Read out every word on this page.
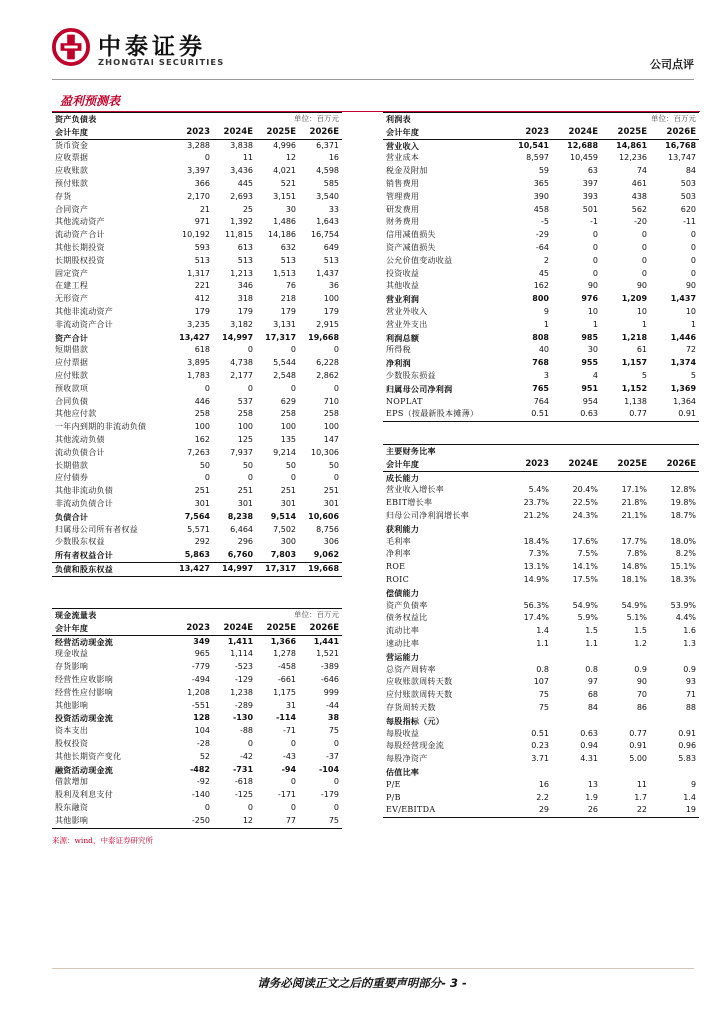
中泰证券
ZHONGTAI SECURITIES	公司点评
盈利预测表
资产负债表			单位：百万元	
会计年度	2023	2024E	2025E	2026E
货币资金	3,288	3,838	4,996	6,371
应收票据	0	11	12	16
应收账款	3,397	3,436	4,021	4,598
预付账款	366	445	521	585
存货	2,170	2,693	3,151	3,540
合同资产	21	25	30	33
其他流动资产	971	1,392	1,486	1,643
流动资产合计	10,192	11,815	14,186	16,754
其他长期投资	593	613	632	649
长期股权投资	513	513	513	513
固定资产	1,317	1,213	1,513	1,437
在建工程	221	346	76	36
无形资产	412	318	218	100
其他非流动资产	179	179	179	179
非流动资产合计	3,235	3,182	3,131	2,915
资产合计	13,427	14,997	17,317	19,668
短期借款	618	0	0	0
应付票据	3,895	4,738	5,544	6,228
应付账款	1,783	2,177	2,548	2,862
预收款项	0	0	0	0
合同负债	446	537	629	710
其他应付款	258	258	258	258
一年内到期的非流动负债	100	100	100	100
其他流动负债	162	125	135	147
流动负债合计	7,263	7,937	9,214	10,306
长期借款	50	50	50	50
应付债券	0	0	0	0
其他非流动负债	251	251	251	251
非流动负债合计	301	301	301	301
负债合计	7,564	8,238	9,514	10,606
归属母公司所有者权益	5,571	6,464	7,502	8,756
少数股东权益	292	296	300	306
所有者权益合计	5,863	6,760	7,803	9,062
负债和股东权益	13,427	14,997	17,317	19,668
现金流量表			单位：百万元	
会计年度	2023	2024E	2025E	2026E
经营活动现金流	349	1,411	1,366	1,441
现金收益	965	1,114	1,278	1,521
存货影响	-779	-523	-458	-389
经营性应收影响	-494	-129	-661	-646
经营性应付影响	1,208	1,238	1,175	999
其他影响	-551	-289	31	-44
投资活动现金流	128	-130	-114	38
资本支出	104	-88	-71	75
股权投资	-28	0	0	0
其他长期资产变化	52	-42	-43	-37
融资活动现金流	-482	-731	-94	-104
借款增加	-92	-618	0	0
股利及利息支付	-140	-125	-171	-179
股东融资	0	0	0	0
其他影响	-250	12	77	75
利润表			单位：百万元	
会计年度	2023	2024E	2025E	2026E
营业收入	10,541	12,688	14,861	16,768
营业成本	8,597	10,459	12,236	13,747
税金及附加	59	63	74	84
销售费用	365	397	461	503
管理费用	390	393	438	503
研发费用	458	501	562	620
财务费用	-5	-1	-20	-11
信用减值损失	-29	0	0	0
资产减值损失	-64	0	0	0
公允价值变动收益	2	0	0	0
投资收益	45	0	0	0
其他收益	162	90	90	90
营业利润	800	976	1,209	1,437
营业外收入	9	10	10	10
营业外支出	1	1	1	1
利润总额	808	985	1,218	1,446
所得税	40	30	61	72
净利润	768	955	1,157	1,374
少数股东损益	3	4	5	5
归属母公司净利润	765	951	1,152	1,369
NOPLAT	764	954	1,138	1,364
EPS（按最新股本摊薄）	0.51	0.63	0.77	0.91
主要财务比率				
会计年度	2023	2024E	2025E	2026E
成长能力				
营业收入增长率	5.4%	20.4%	17.1%	12.8%
EBIT增长率	23.7%	22.5%	21.8%	19.8%
归母公司净利润增长率	21.2%	24.3%	21.1%	18.7%
获利能力				
毛利率	18.4%	17.6%	17.7%	18.0%
净利率	7.3%	7.5%	7.8%	8.2%
ROE	13.1%	14.1%	14.8%	15.1%
ROIC	14.9%	17.5%	18.1%	18.3%
偿债能力				
资产负债率	56.3%	54.9%	54.9%	53.9%
债务权益比	17.4%	5.9%	5.1%	4.4%
流动比率	1.4	1.5	1.5	1.6
速动比率	1.1	1.1	1.2	1.3
营运能力				
总资产周转率	0.8	0.8	0.9	0.9
应收账款周转天数	107	97	90	93
应付账款周转天数	75	68	70	71
存货周转天数	75	84	86	88
每股指标（元）				
每股收益	0.51	0.63	0.77	0.91
每股经营现金流	0.23	0.94	0.91	0.96
每股净资产	3.71	4.31	5.00	5.83
估值比率				
P/E	16	13	11	9
P/B	2.2	1.9	1.7	1.4
EV/EBITDA	29	26	22	19
来源：wind，中泰证券研究所
请务必阅读正文之后的重要声明部分- 3 -
